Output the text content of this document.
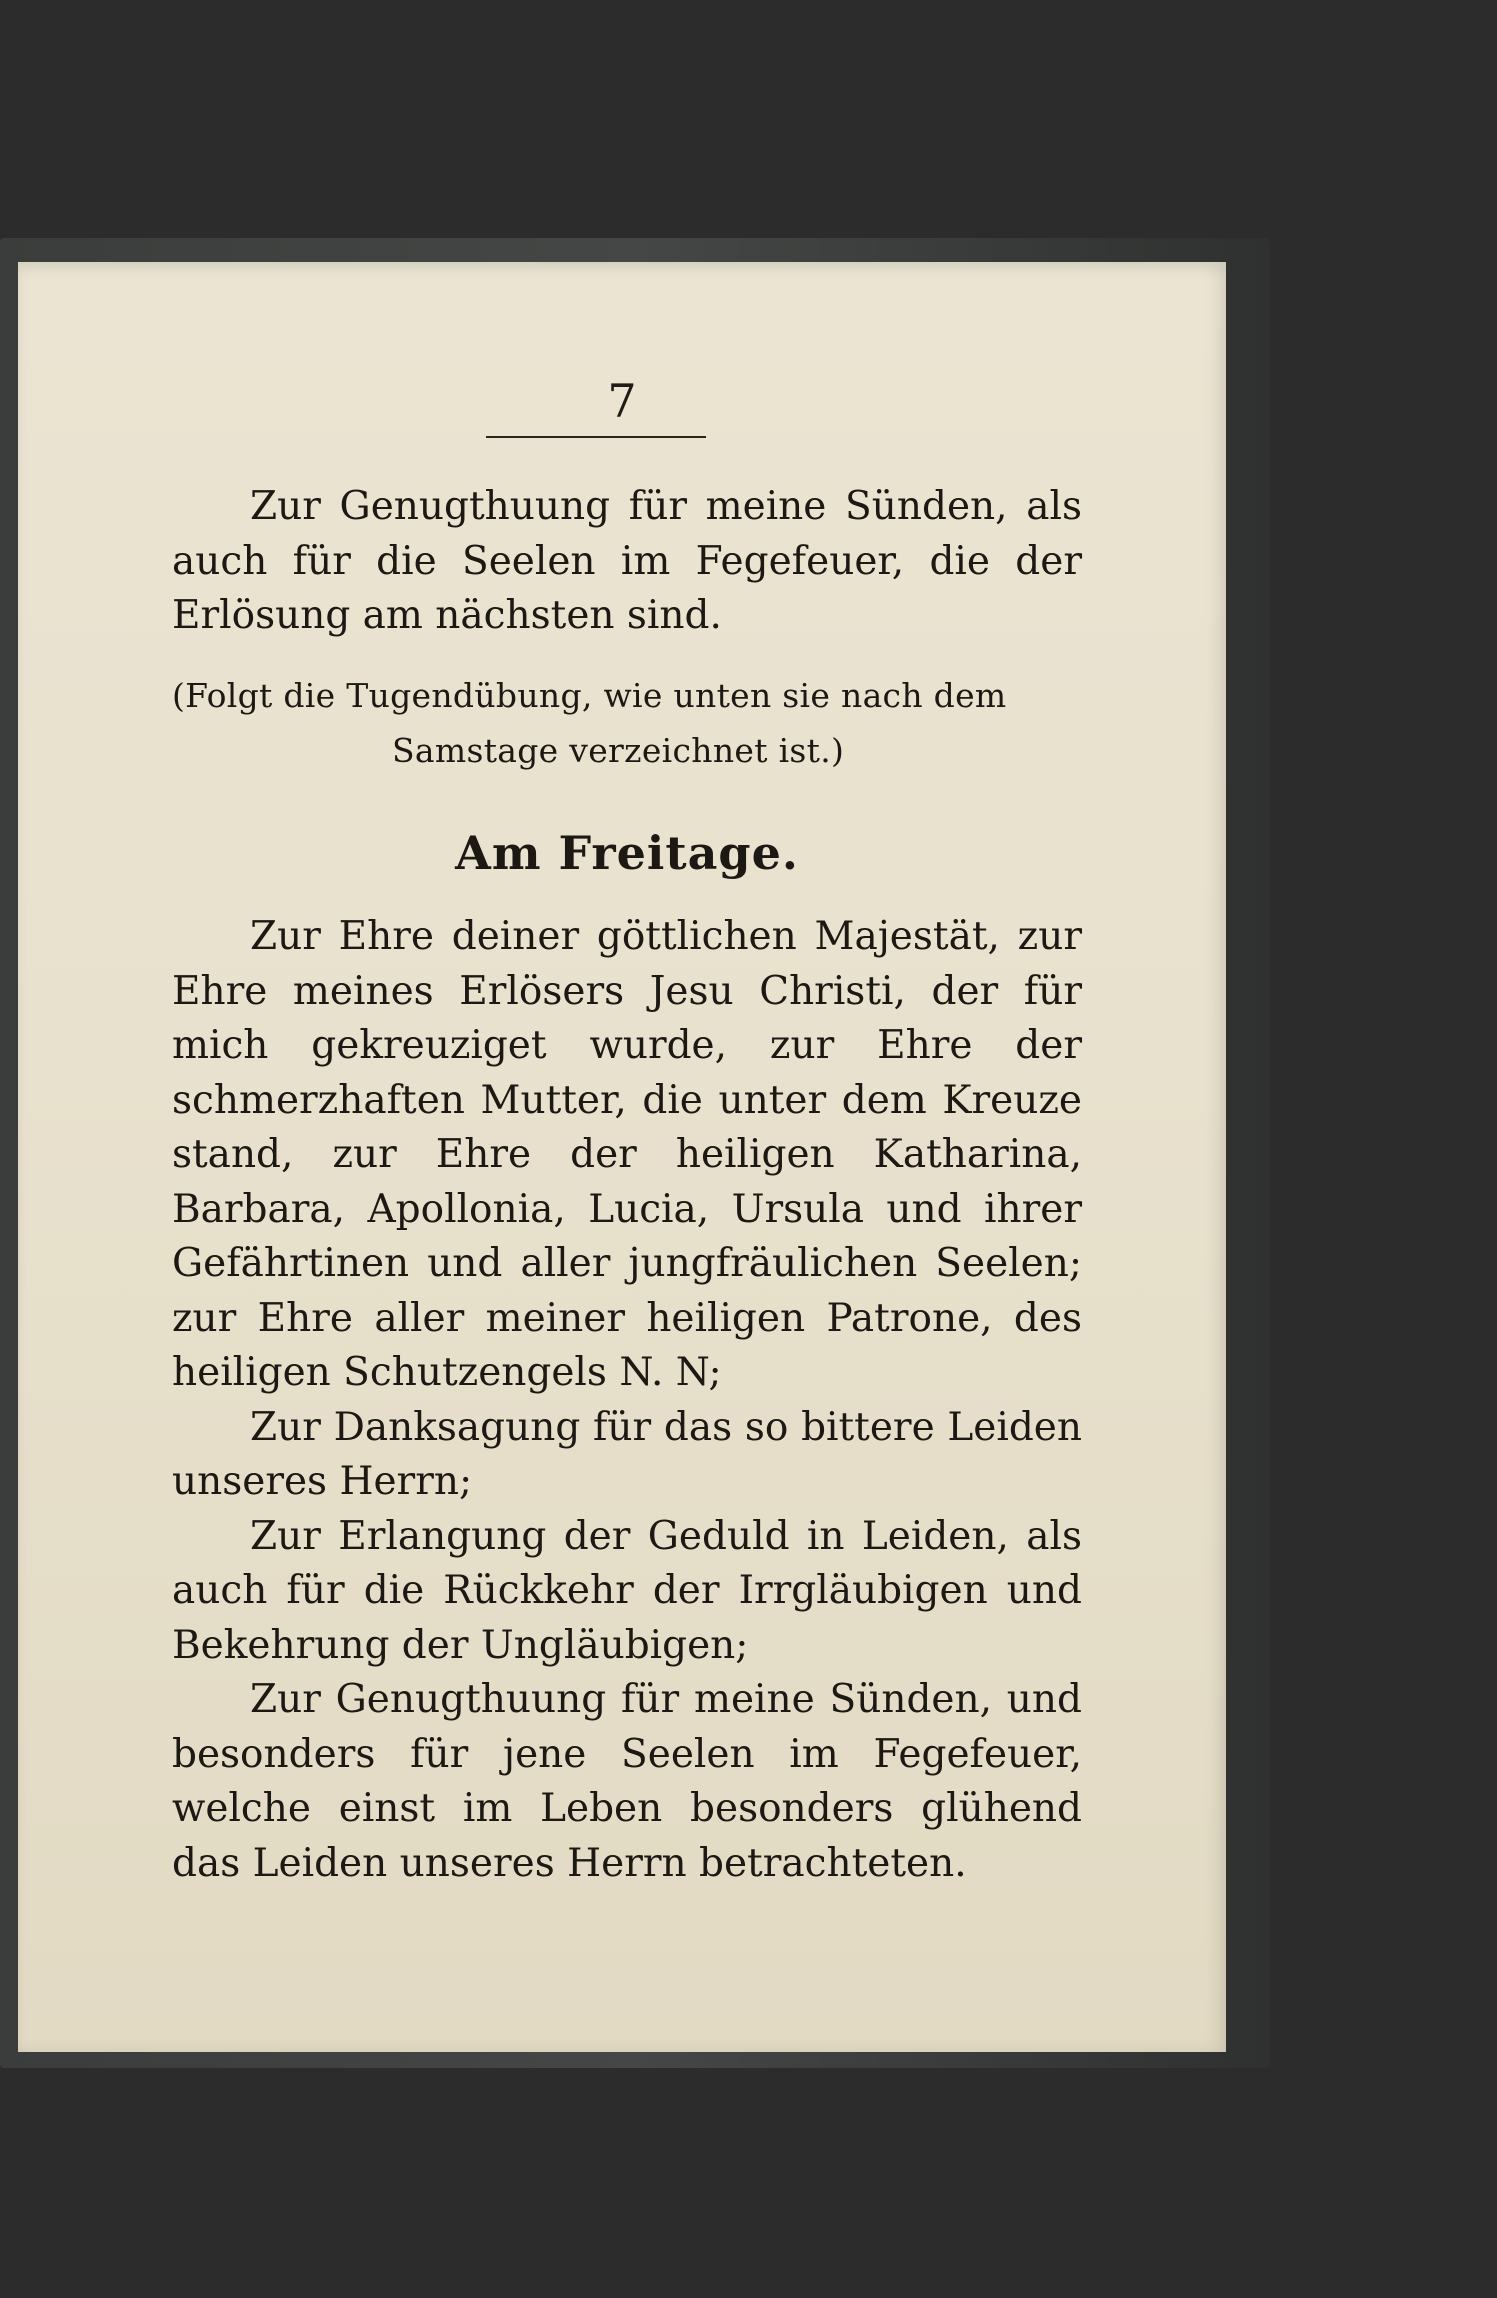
7

Zur Genugthuung für meine Sünden, als auch für die Seelen im Fegefeuer, die der Erlösung am nächsten sind.

(Folgt die Tugendübung, wie unten sie nach dem
Samstage verzeichnet ist.)

Am Freitage.

Zur Ehre deiner göttlichen Majestät, zur Ehre meines Erlösers Jesu Christi, der für mich gekreuziget wurde, zur Ehre der schmerzhaften Mutter, die unter dem Kreuze stand, zur Ehre der heiligen Katharina, Barbara, Apollonia, Lucia, Ursula und ihrer Gefährtinen und aller jungfräulichen Seelen; zur Ehre aller meiner heiligen Patrone, des heiligen Schutzengels N. N;

Zur Danksagung für das so bittere Leiden unseres Herrn;

Zur Erlangung der Geduld in Leiden, als auch für die Rückkehr der Irrgläubigen und Bekehrung der Ungläubigen;

Zur Genugthuung für meine Sünden, und besonders für jene Seelen im Fegefeuer, welche einst im Leben besonders glühend das Leiden unseres Herrn betrachteten.
